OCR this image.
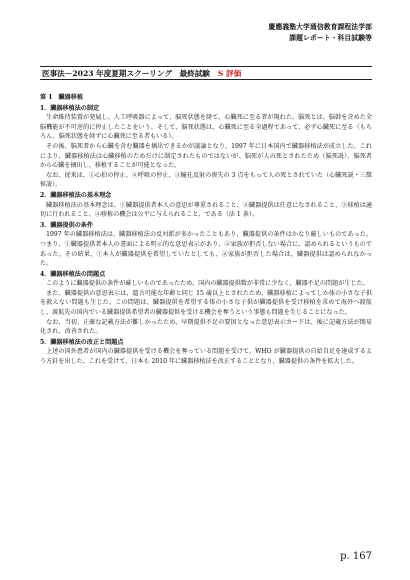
慶應義塾大学通信教育課程法学部
課題レポート・科目試験等
医事法－2023 年度夏期スクーリング　最終試験 S 評価
第 1　臓器移植
1．臓器移植法の制定

生命維持装置が発展し、人工呼吸器によって、脳死状態を経て、心臓死に至る者が現れた。脳死とは、脳幹を含めた全脳機能が不可逆的に停止したことをいう。そして、脳死状態は、心臓死に至る全過程であって、必ず心臓死に至る（もちろん、脳死状態を経ずに心臓死に至る者もいる）。

その後、脳死者から心臓を含む臓器を摘出できるかが議論となり、1997 年に日本国内で臓器移植法が成立した。これにより、臓器移植法は心臓移植のためだけに制定されたものではないが、脳死が人の死とされたため（脳死説）、脳死者から心臓を摘出し、移植することが可能となった。

なお、従来は、①心拍の停止、②呼吸の停止、③瞳孔反射の喪失の 3 点をもって人の死とされていた（心臓死説・三徴候説）。

2．臓器移植法の基本理念

臓器移植法の基本理念は、①臓器提供者本人の意思が尊重されること、②臓器提供は任意になされること、③移植は適切に行われること、④移植の機会は公平に与えられること、である（法 1 条）。

3．臓器提供の条件

1997 年の臓器移植法は、臓器移植法の反対派が多かったこともあり、臓器提供の条件はかなり厳しいものであった。つまり、①臓器提供者本人の書面による明示的な意思表示があり、②家族が拒否しない場合に、認められるというものであった。その結果、①本人が臓器提供を希望していたとしても、②家族が拒否した場合は、臓器提供は認められなかった。

4．臓器移植法の問題点

このように臓器提供の条件が厳しいものであったため、国内の臓器提供数が非常に少なく、臓器不足の問題が生じた。

また、臓器提供の意思表示は、遺言可能な年齢と同じ 15 歳以上とされたため、臓器移植によってしか体の小さな子供を救えない問題も生じた。この問題は、臓器提供を希望する体の小さな子供が臓器提供を受け移植を求めて海外へ渡航し、渡航先の国内でいる臓器提供希望者の臓器提供を受ける機会を奪うという事態も問題を生じることになった。

なお、当初、正確な記載方法が難しかったため、早期提供不足の要因となった意思表示カードは、後に記載方法が簡易化され、改善された。

5．臓器移植法の改正と問題点

上述の国外患者が国内の臓器提供を受ける機会を奪っている問題を受けて、WHO が臓器提供の自給自足を達成するよう方針を出した。これを受けて、日本も 2010 年に臓器移植法を改正することとなり、臓器提供の条件を拡大した。

p. 167
